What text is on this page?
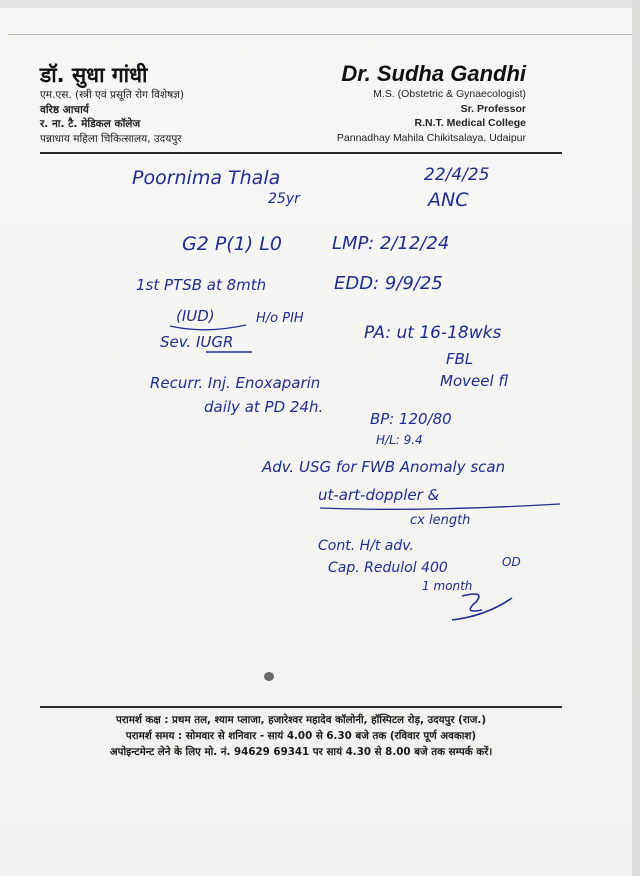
डॉ. सुधा गांधी
एम.एस. (स्त्री एवं प्रसूति रोग विशेषज्ञ)
वरिष्ठ आचार्य
र. ना. टै. मेडिकल कॉलेज
पन्नाधाय महिला चिकित्सालय, उदयपुर
Dr. Sudha Gandhi
M.S. (Obstetric & Gynaecologist)
Sr. Professor
R.N.T. Medical College
Pannadhay Mahila Chikitsalaya, Udaipur
Poornima Thala
25yr
22/4/25
ANC
G2 P(1) L0	LMP: 2/12/24
1st PTSB at 8mth	EDD: 9/9/25
(IUD)	H/o PIH
Sev. IUGR	PA: ut 16-18wks
FBL
Moveel fl
Recurr. Inj. Enoxaparin
daily at PD 24h.
BP: 120/80
H/L: 9.4
Adv. USG for FWB Anomaly scan
ut-art-doppler &
cx length
Cont. H/t adv.
Cap. Redulol 400	OD
1 month
परामर्श कक्ष : प्रथम तल, श्याम प्लाजा, हजारेश्वर महादेव कॉलोनी, हॉस्पिटल रोड़, उदयपुर (राज.)
परामर्श समय : सोमवार से शनिवार - सायं 4.00 से 6.30 बजे तक (रविवार पूर्ण अवकाश)
अपोइन्टमेन्ट लेने के लिए मो. नं. 94629 69341 पर सायं 4.30 से 8.00 बजे तक सम्पर्क करें।
